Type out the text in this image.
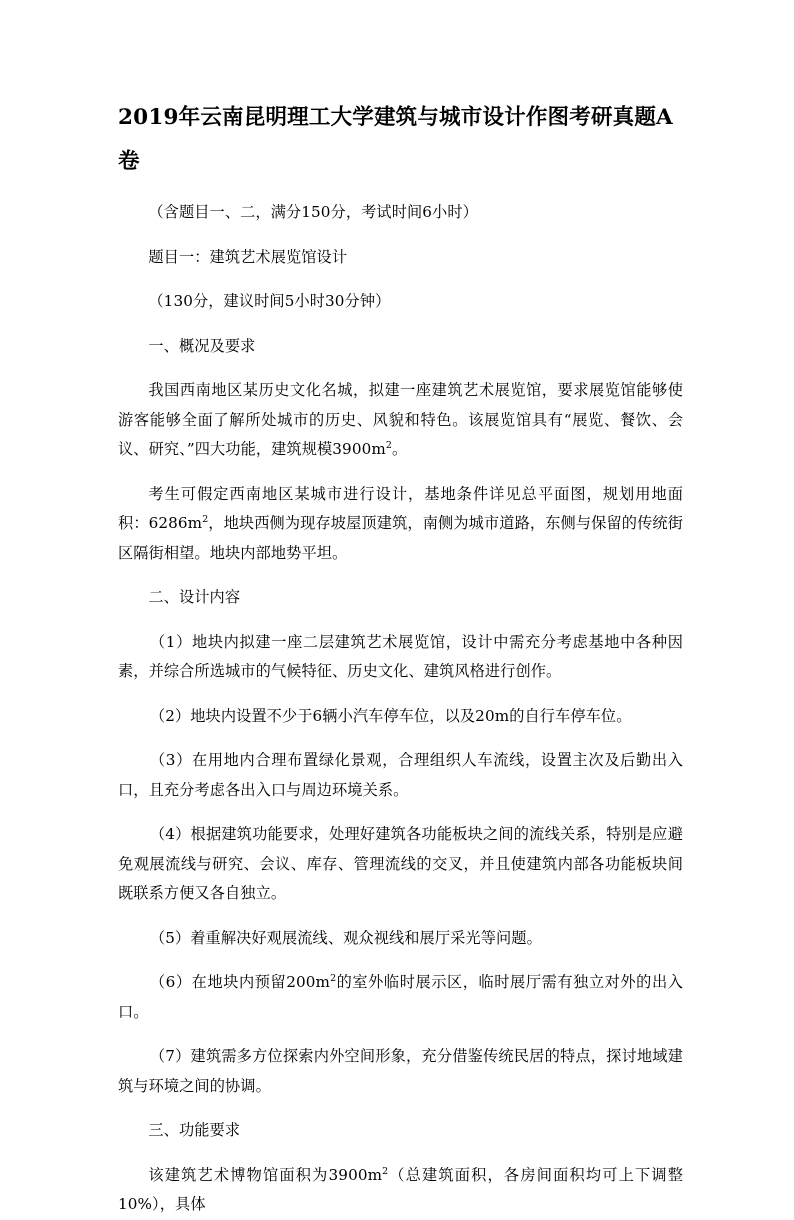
2019年云南昆明理工大学建筑与城市设计作图考研真题A卷

（含题目一、二，满分150分，考试时间6小时）

题目一：建筑艺术展览馆设计

（130分，建议时间5小时30分钟）

一、概况及要求

我国西南地区某历史文化名城，拟建一座建筑艺术展览馆，要求展览馆能够使游客能够全面了解所处城市的历史、风貌和特色。该展览馆具有“展览、餐饮、会议、研究、”四大功能，建筑规模$3900m^2$。

考生可假定西南地区某城市进行设计，基地条件详见总平面图，规划用地面积：$6286m^2$，地块西侧为现存坡屋顶建筑，南侧为城市道路，东侧与保留的传统街区隔街相望。地块内部地势平坦。

二、设计内容

（1）地块内拟建一座二层建筑艺术展览馆，设计中需充分考虑基地中各种因素，并综合所选城市的气候特征、历史文化、建筑风格进行创作。

（2）地块内设置不少于6辆小汽车停车位，以及20m的自行车停车位。

（3）在用地内合理布置绿化景观，合理组织人车流线，设置主次及后勤出入口，且充分考虑各出入口与周边环境关系。

（4）根据建筑功能要求，处理好建筑各功能板块之间的流线关系，特别是应避免观展流线与研究、会议、库存、管理流线的交叉，并且使建筑内部各功能板块间既联系方便又各自独立。

（5）着重解决好观展流线、观众视线和展厅采光等问题。

（6）在地块内预留$200m^2$的室外临时展示区，临时展厅需有独立对外的出入口。

（7）建筑需多方位探索内外空间形象，充分借鉴传统民居的特点，探讨地域建筑与环境之间的协调。

三、功能要求

该建筑艺术博物馆面积为$3900m^2$（总建筑面积，各房间面积均可上下调整10%），具体
